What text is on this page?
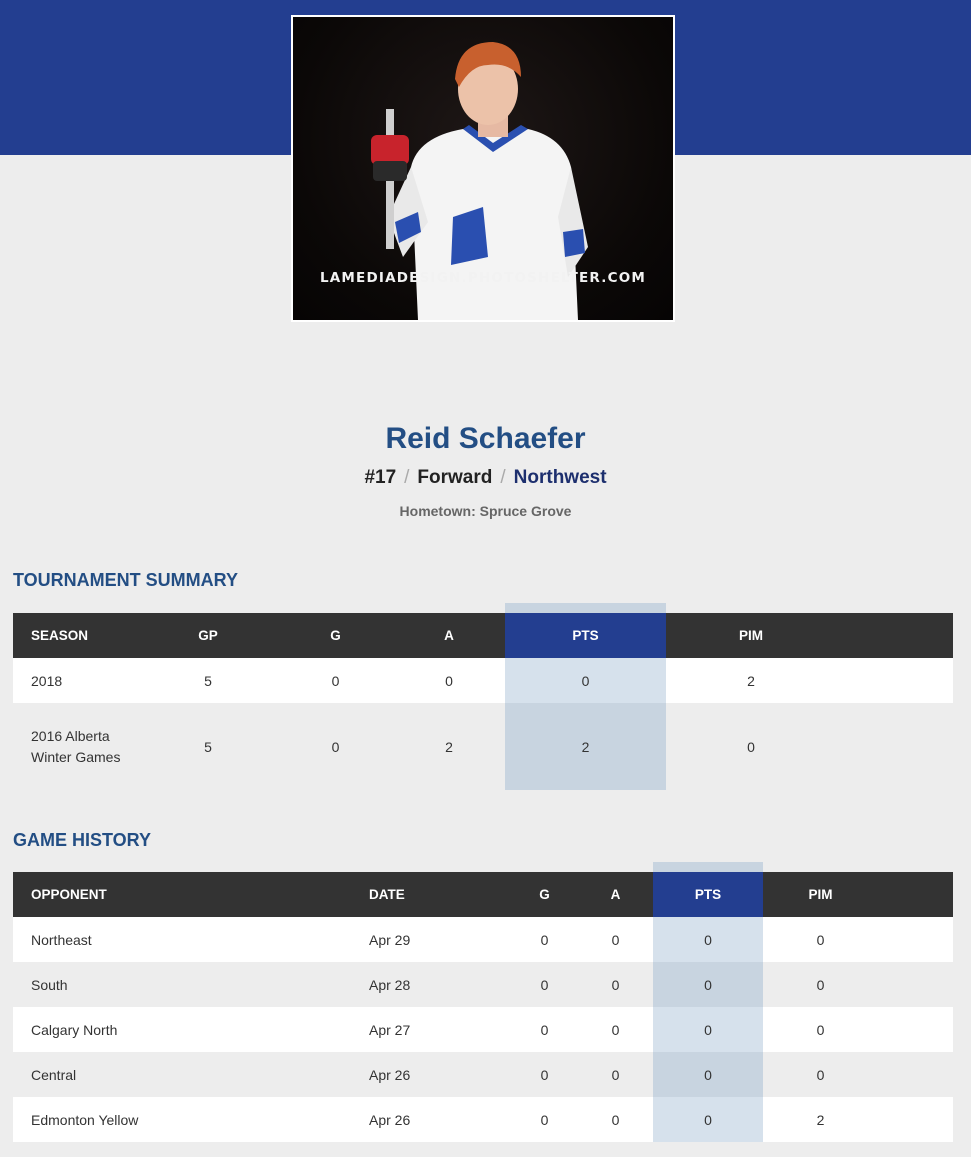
LAMEDIADESIGN.PHOTOSHELTER.COM
Reid Schaefer
#17 / Forward / Northwest
Hometown: Spruce Grove
TOURNAMENT SUMMARY
SEASON	GP	G	A	PTS	PIM	
2018	5	0	0	0	2	
2016 Alberta Winter Games	5	0	2	2	0	
GAME HISTORY
OPPONENT	DATE	G	A	PTS	PIM	
Northeast	Apr 29	0	0	0	0	
South	Apr 28	0	0	0	0	
Calgary North	Apr 27	0	0	0	0	
Central	Apr 26	0	0	0	0	
Edmonton Yellow	Apr 26	0	0	0	2	
